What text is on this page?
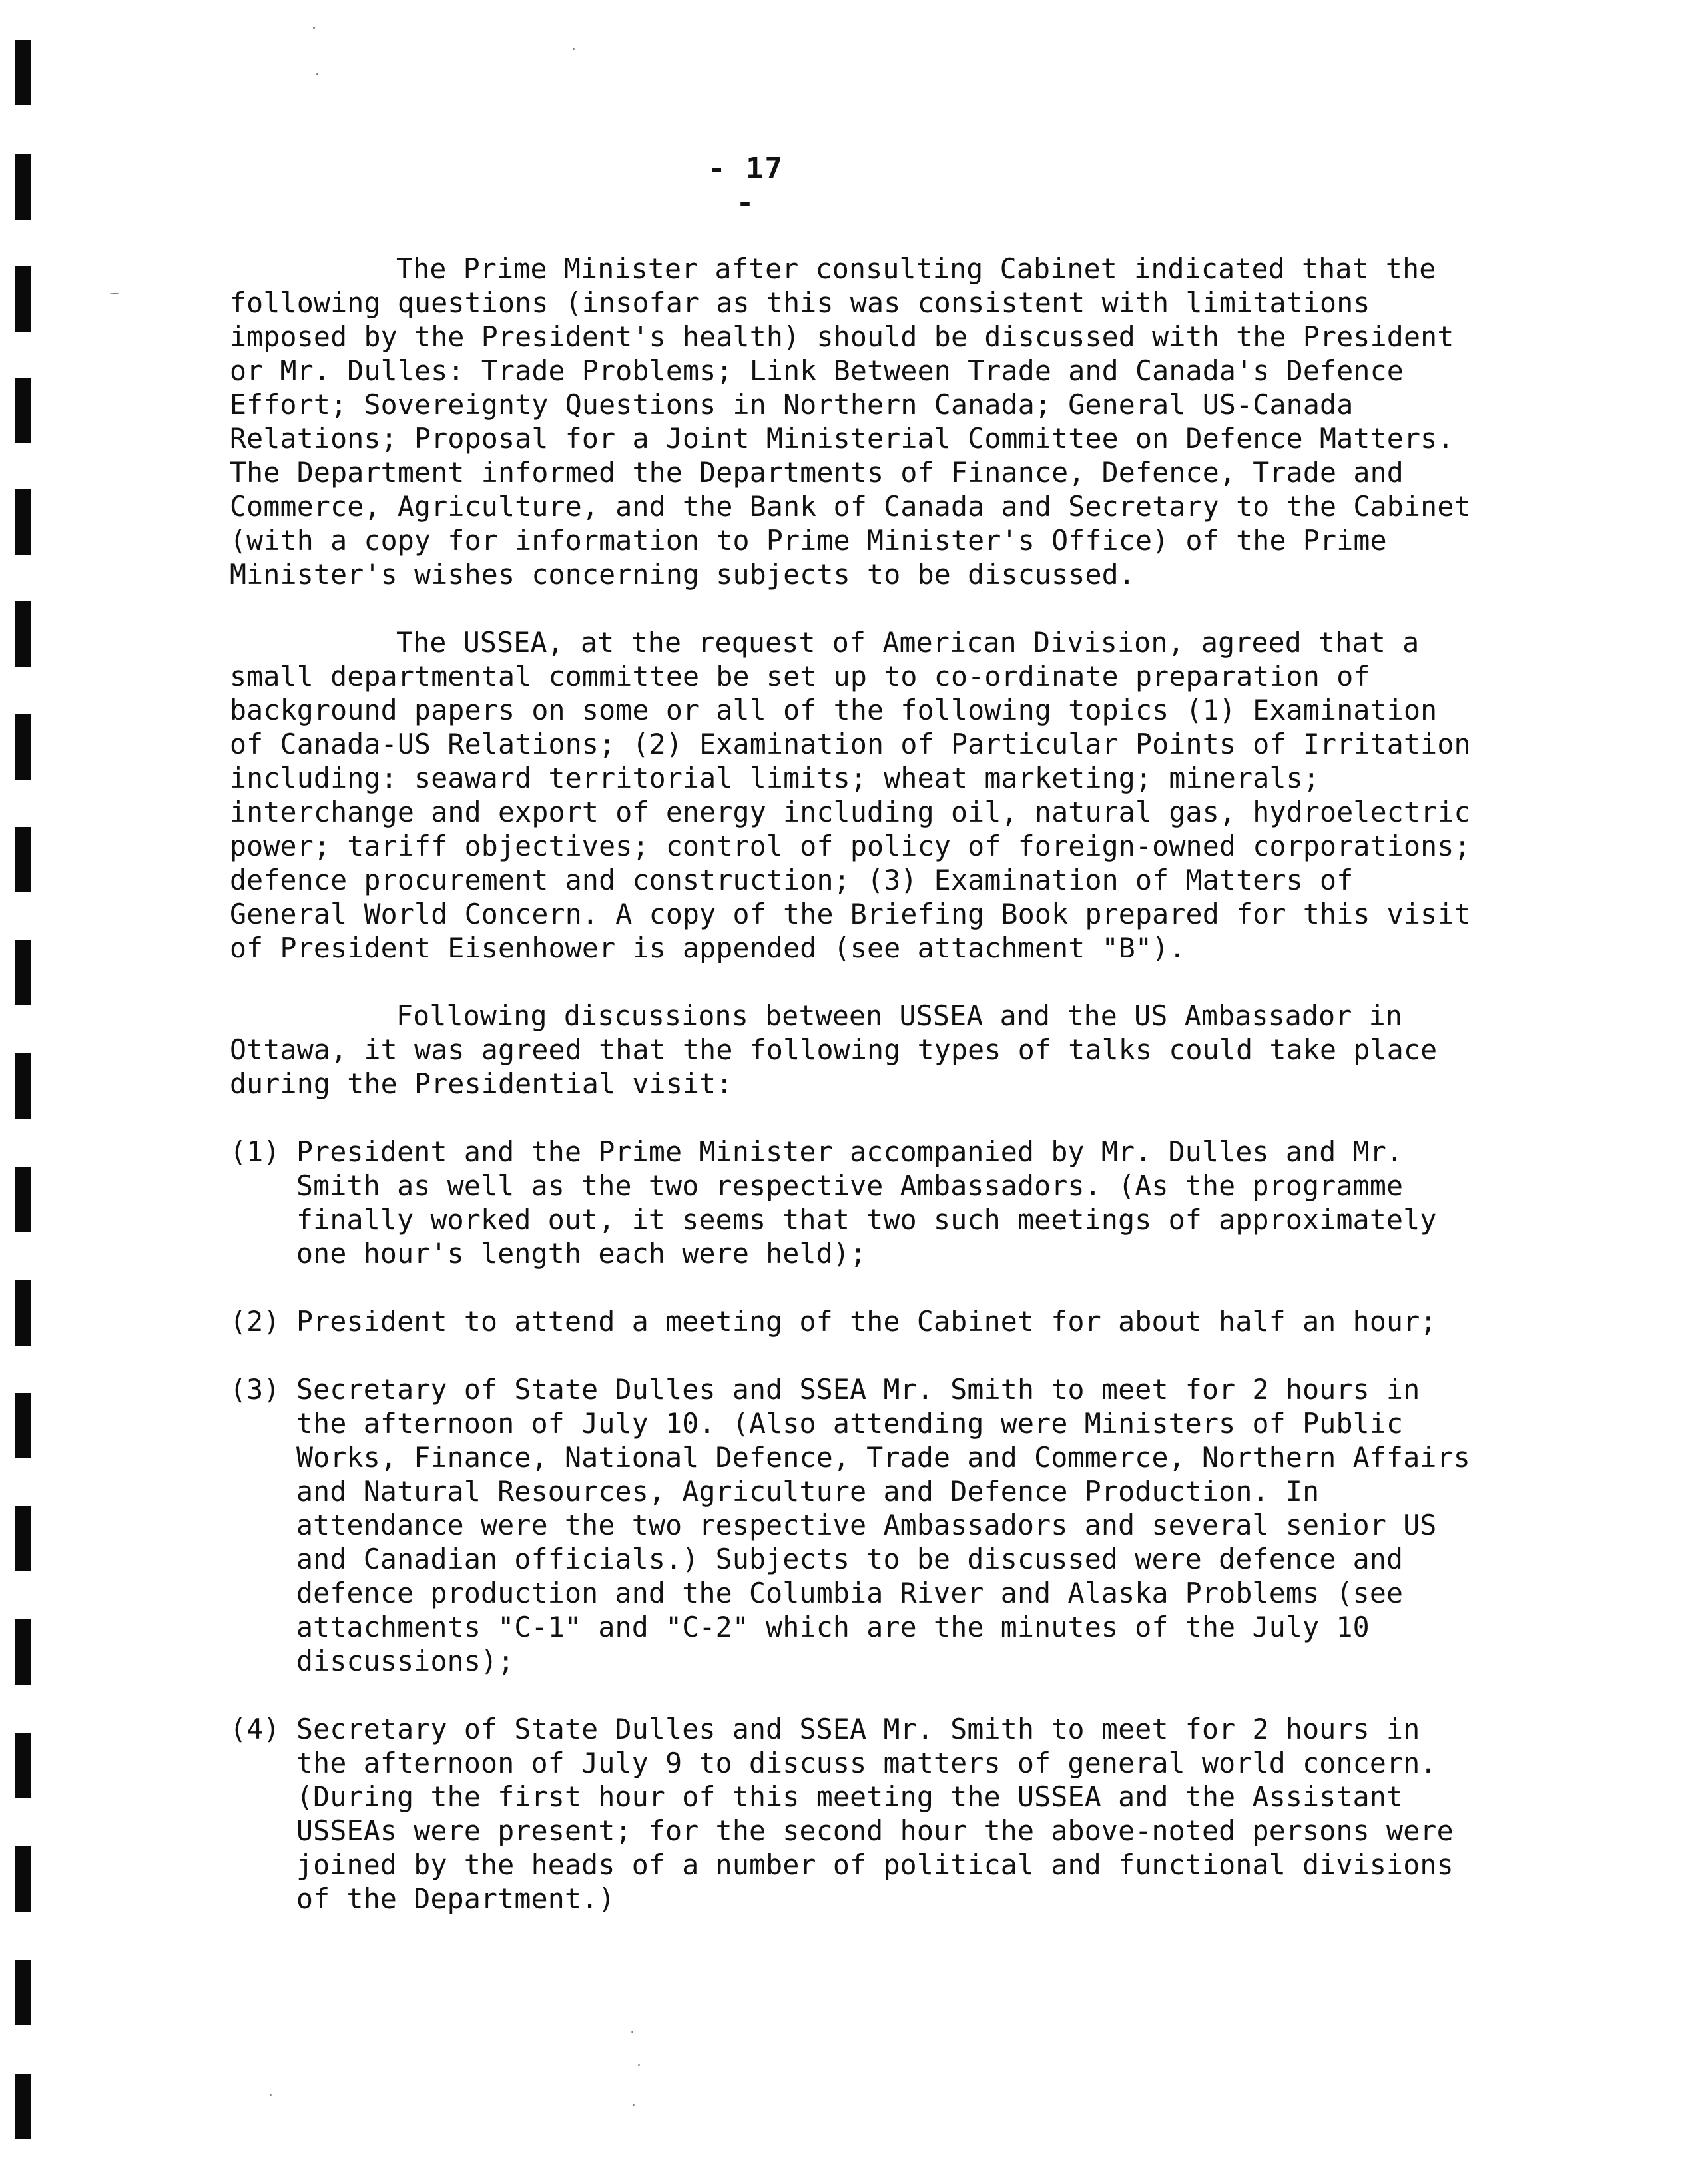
- 17 -

The Prime Minister after consulting Cabinet indicated that the following questions (insofar as this was consistent with limitations imposed by the President's health) should be discussed with the President or Mr. Dulles: Trade Problems; Link Between Trade and Canada's Defence Effort; Sovereignty Questions in Northern Canada; General US-Canada Relations; Proposal for a Joint Ministerial Committee on Defence Matters. The Department informed the Departments of Finance, Defence, Trade and Commerce, Agriculture, and the Bank of Canada and Secretary to the Cabinet (with a copy for information to Prime Minister's Office) of the Prime Minister's wishes concerning subjects to be discussed.

The USSEA, at the request of American Division, agreed that a small departmental committee be set up to co-ordinate preparation of background papers on some or all of the following topics (1) Examination of Canada-US Relations; (2) Examination of Particular Points of Irritation including: seaward territorial limits; wheat marketing; minerals; interchange and export of energy including oil, natural gas, hydroelectric power; tariff objectives; control of policy of foreign-owned corporations; defence procurement and construction; (3) Examination of Matters of General World Concern. A copy of the Briefing Book prepared for this visit of President Eisenhower is appended (see attachment "B").

Following discussions between USSEA and the US Ambassador in Ottawa, it was agreed that the following types of talks could take place during the Presidential visit:

(1) President and the Prime Minister accompanied by Mr. Dulles and Mr. Smith as well as the two respective Ambassadors. (As the programme finally worked out, it seems that two such meetings of approximately one hour's length each were held);
(2) President to attend a meeting of the Cabinet for about half an hour;
(3) Secretary of State Dulles and SSEA Mr. Smith to meet for 2 hours in the afternoon of July 10. (Also attending were Ministers of Public Works, Finance, National Defence, Trade and Commerce, Northern Affairs and Natural Resources, Agriculture and Defence Production. In attendance were the two respective Ambassadors and several senior US and Canadian officials.) Subjects to be discussed were defence and defence production and the Columbia River and Alaska Problems (see attachments "C-1" and "C-2" which are the minutes of the July 10 discussions);
(4) Secretary of State Dulles and SSEA Mr. Smith to meet for 2 hours in the afternoon of July 9 to discuss matters of general world concern. (During the first hour of this meeting the USSEA and the Assistant USSEAs were present; for the second hour the above-noted persons were joined by the heads of a number of political and functional divisions of the Department.)
